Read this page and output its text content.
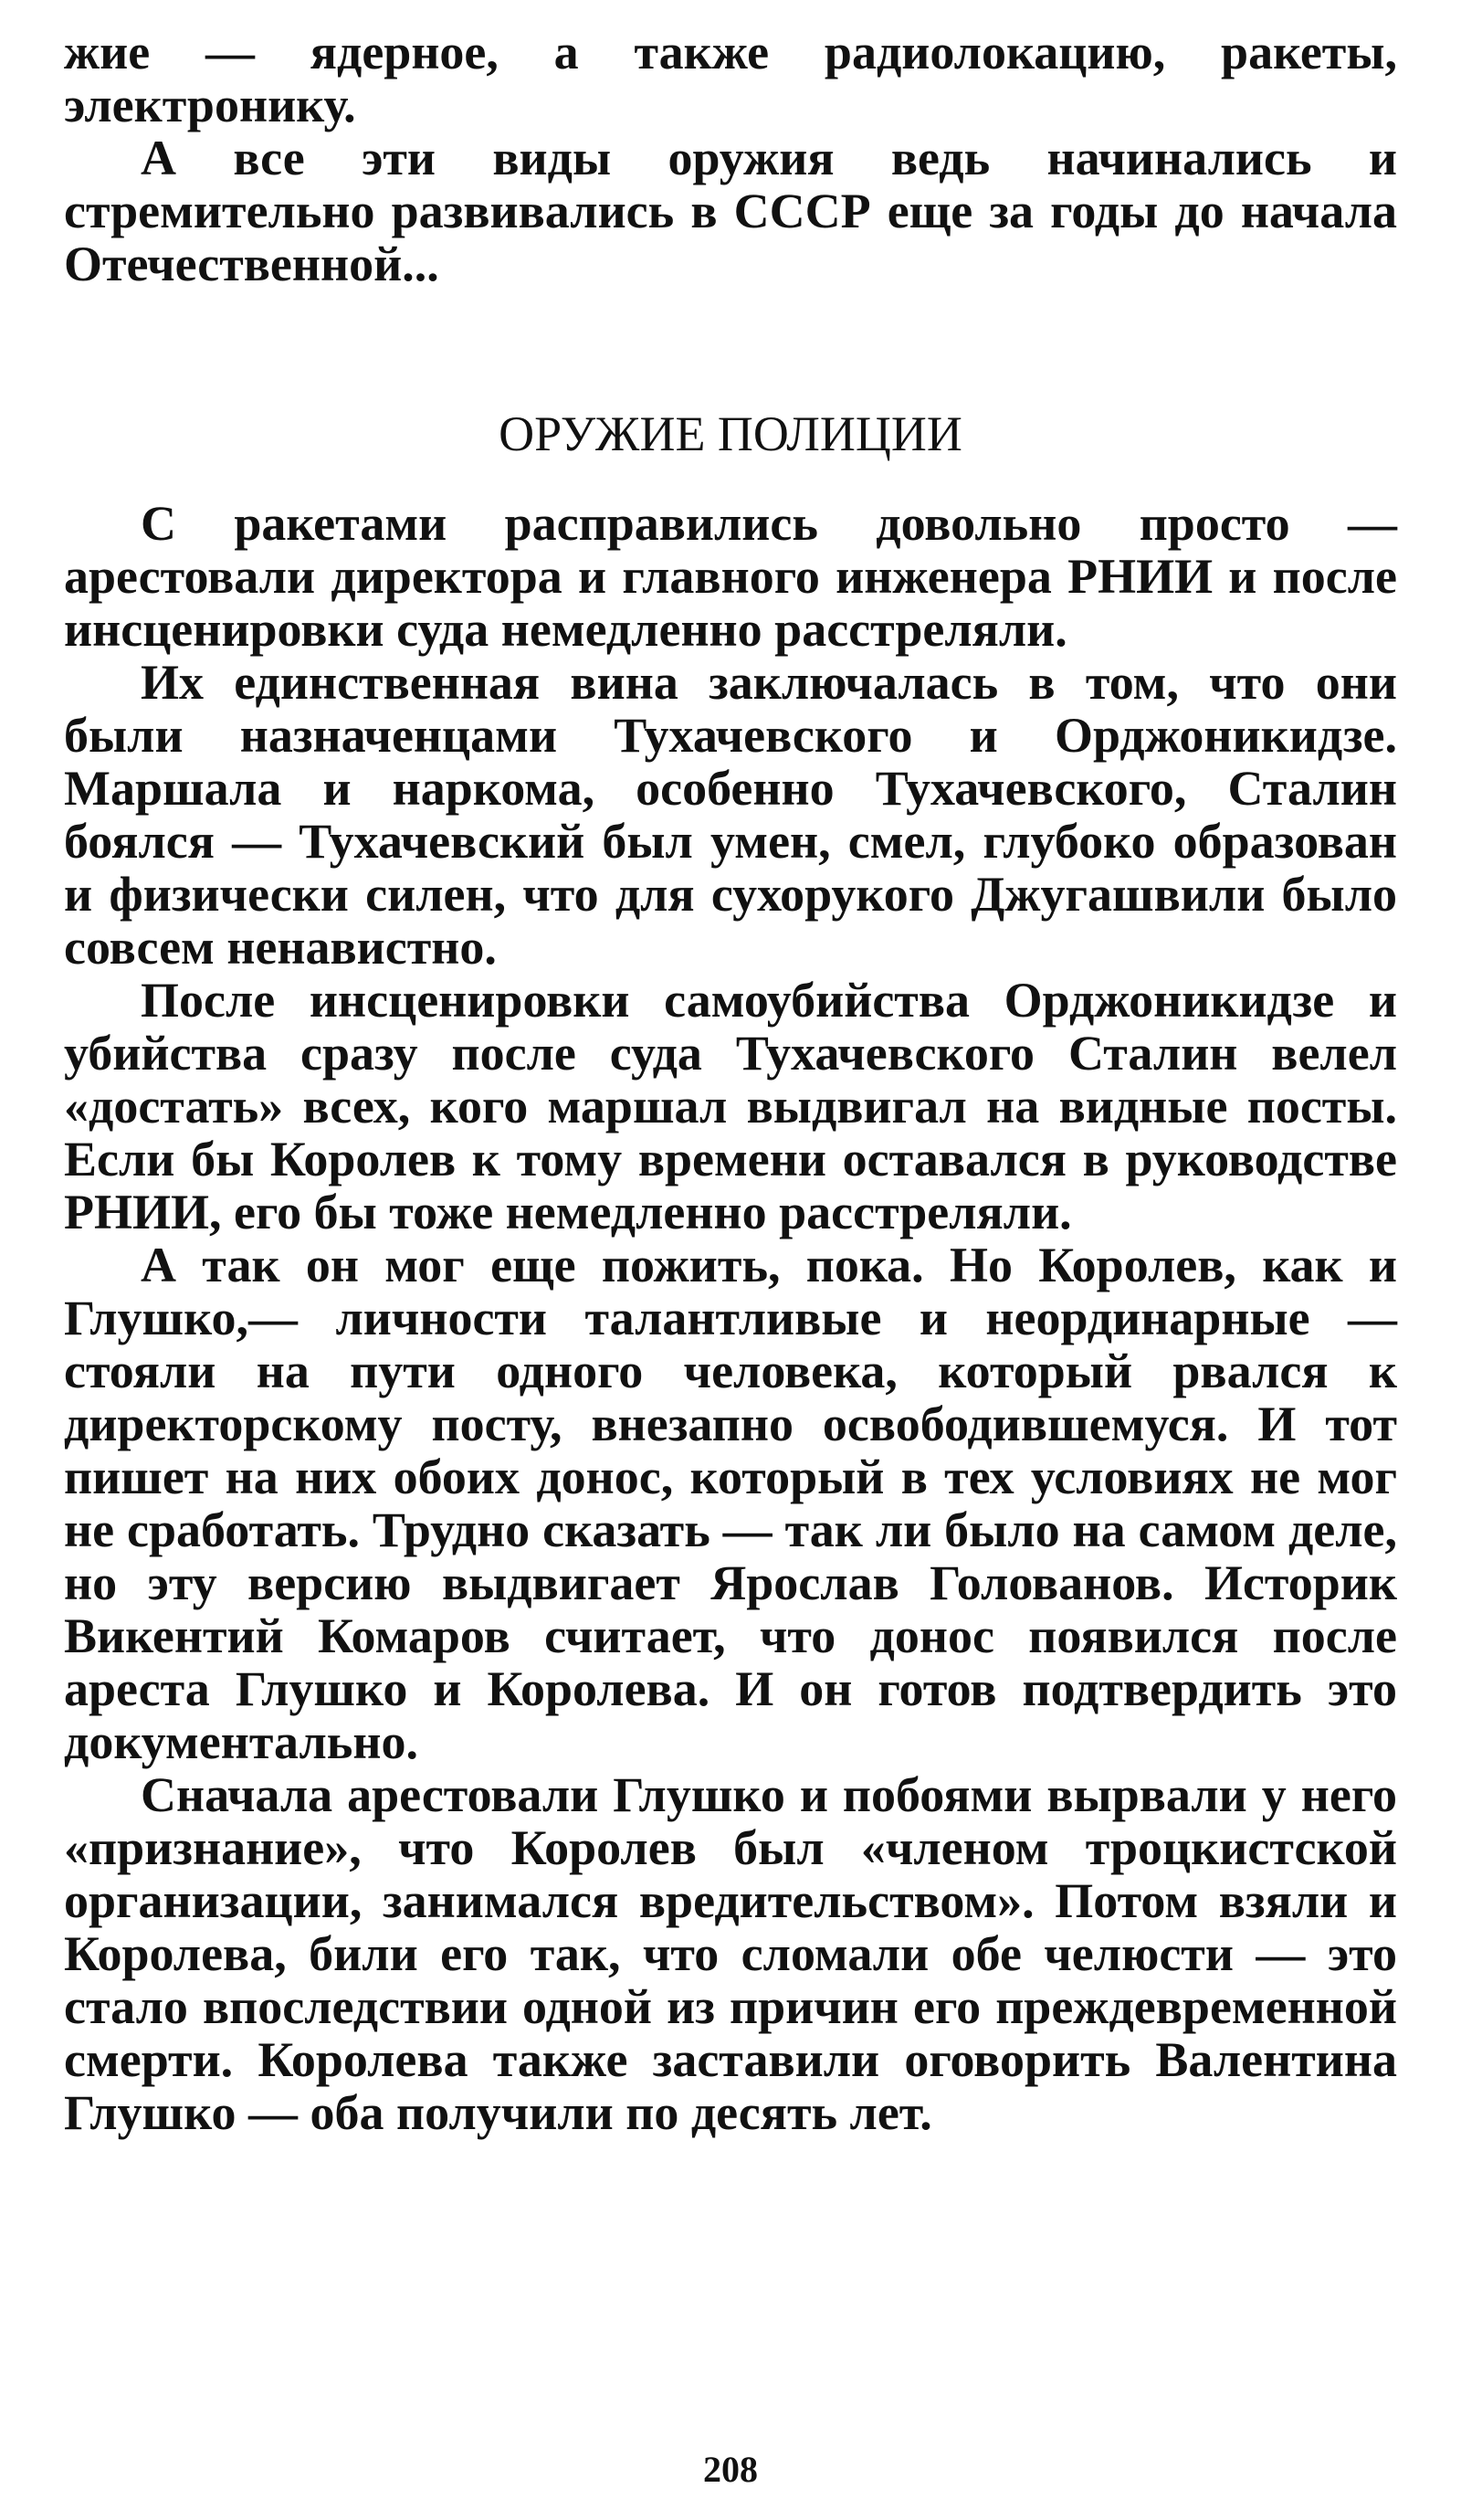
жие — ядерное, а также радиолокацию, ракеты, электронику.

А все эти виды оружия ведь начинались и стремительно развивались в СССР еще за годы до начала Отечественной...

ОРУЖИЕ ПОЛИЦИИ

С ракетами расправились довольно просто — арестовали директора и главного инженера РНИИ и после инсценировки суда немедленно расстреляли.

Их единственная вина заключалась в том, что они были назначенцами Тухачевского и Орджоникидзе. Маршала и наркома, особенно Тухачевского, Сталин боялся — Тухачевский был умен, смел, глубоко образован и физически силен, что для сухорукого Джугашвили было совсем ненавистно.

После инсценировки самоубийства Орджоникидзе и убийства сразу после суда Тухачевского Сталин велел «достать» всех, кого маршал выдвигал на видные посты. Если бы Королев к тому времени оставался в руководстве РНИИ, его бы тоже немедленно расстреляли.

А так он мог еще пожить, пока. Но Королев, как и Глушко,— личности талантливые и неординарные — стояли на пути одного человека, который рвался к директорскому посту, внезапно освободившемуся. И тот пишет на них обоих донос, который в тех условиях не мог не сработать. Трудно сказать — так ли было на самом деле, но эту версию выдвигает Ярослав Голованов. Историк Викентий Комаров считает, что донос появился после ареста Глушко и Королева. И он готов подтвердить это документально.

Сначала арестовали Глушко и побоями вырвали у него «признание», что Королев был «членом троцкистской организации, занимался вредительством». Потом взяли и Королева, били его так, что сломали обе челюсти — это стало впоследствии одной из причин его преждевременной смерти. Королева также заставили оговорить Валентина Глушко — оба получили по десять лет.

208
